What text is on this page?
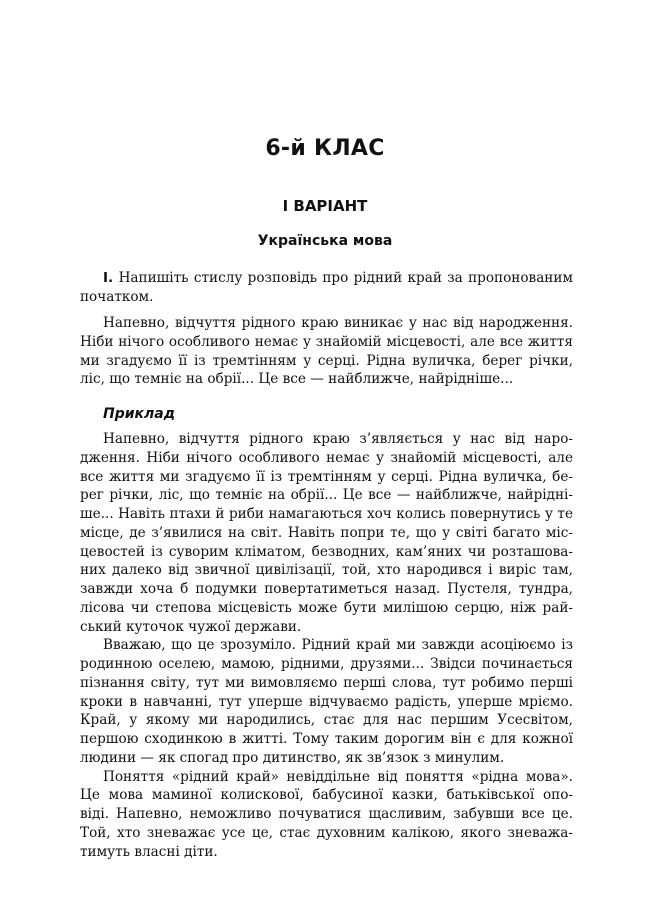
6-й КЛАС
І ВАРІАНТ
Українська мова
І. Напишіть стислу розповідь про рідний край за пропонованим
початком.
Напевно, відчуття рідного краю виникає у нас від народження.
Ніби нічого особливого немає у знайомій місцевості, але все життя
ми згадуємо її із тремтінням у серці. Рідна вуличка, берег річки,
ліс, що темніє на обрії... Це все — найближче, найрідніше...
Приклад
Напевно, відчуття рідного краю з’являється у нас від наро-
дження. Ніби нічого особливого немає у знайомій місцевості, але
все життя ми згадуємо її із тремтінням у серці. Рідна вуличка, бе-
рег річки, ліс, що темніє на обрії... Це все — найближче, найрідні-
ше... Навіть птахи й риби намагаються хоч колись повернутись у те
місце, де з’явилися на світ. Навіть попри те, що у світі багато міс-
цевостей із суворим кліматом, безводних, кам’яних чи розташова-
них далеко від звичної цивілізації, той, хто народився і виріс там,
завжди хоча б подумки повертатиметься назад. Пустеля, тундра,
лісова чи степова місцевість може бути милішою серцю, ніж рай-
ський куточок чужої держави.
Вважаю, що це зрозуміло. Рідний край ми завжди асоціюємо із
родинною оселею, мамою, рідними, друзями... Звідси починається
пізнання світу, тут ми вимовляємо перші слова, тут робимо перші
кроки в навчанні, тут уперше відчуваємо радість, уперше мріємо.
Край, у якому ми народились, стає для нас першим Усесвітом,
першою сходинкою в житті. Тому таким дорогим він є для кожної
людини — як спогад про дитинство, як зв’язок з минулим.
Поняття «рідний край» невіддільне від поняття «рідна мова».
Це мова маминої колискової, бабусиної казки, батьківської опо-
віді. Напевно, неможливо почуватися щасливим, забувши все це.
Той, хто зневажає усе це, стає духовним калікою, якого зневажа-
тимуть власні діти.
